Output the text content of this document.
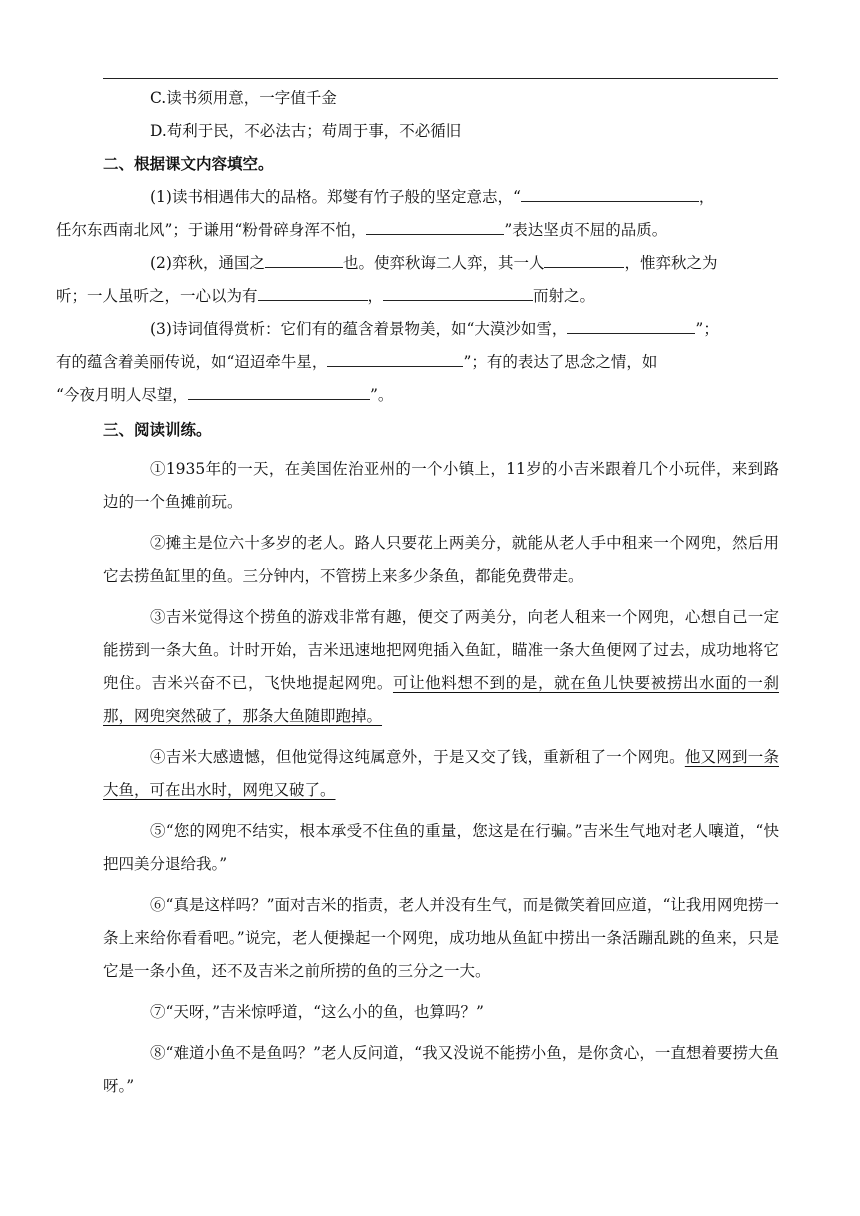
C.读书须用意，一字值千金
D.苟利于民，不必法古；苟周于事，不必循旧
二、根据课文内容填空。

(1)读书相遇伟大的品格。郑燮有竹子般的坚定意志，“	，
任尔东西南北风”；于谦用“粉骨碎身浑不怕，	”表达坚贞不屈的品质。

(2)弈秋，通国之	也。使弈秋诲二人弈，其一人	，惟弈秋之为
听；一人虽听之，一心以为有	，	而射之。

(3)诗词值得赏析：它们有的蕴含着景物美，如“大漠沙如雪，	”；
有的蕴含着美丽传说，如“迢迢牵牛星，	”；有的表达了思念之情，如
“今夜月明人尽望，	”。

三、阅读训练。

①1935年的一天，在美国佐治亚州的一个小镇上，11岁的小吉米跟着几个小玩伴，来到路边的一个鱼摊前玩。

②摊主是位六十多岁的老人。路人只要花上两美分，就能从老人手中租来一个网兜，然后用它去捞鱼缸里的鱼。三分钟内，不管捞上来多少条鱼，都能免费带走。

③吉米觉得这个捞鱼的游戏非常有趣，便交了两美分，向老人租来一个网兜，心想自己一定能捞到一条大鱼。计时开始，吉米迅速地把网兜插入鱼缸，瞄准一条大鱼便网了过去，成功地将它兜住。吉米兴奋不已，飞快地提起网兜。可让他料想不到的是，就在鱼儿快要被捞出水面的一刹那，网兜突然破了，那条大鱼随即跑掉。

④吉米大感遗憾，但他觉得这纯属意外，于是又交了钱，重新租了一个网兜。他又网到一条大鱼，可在出水时，网兜又破了。

⑤“您的网兜不结实，根本承受不住鱼的重量，您这是在行骗。”吉米生气地对老人嚷道，“快把四美分退给我。”

⑥“真是这样吗？”面对吉米的指责，老人并没有生气，而是微笑着回应道，“让我用网兜捞一条上来给你看看吧。”说完，老人便操起一个网兜，成功地从鱼缸中捞出一条活蹦乱跳的鱼来，只是它是一条小鱼，还不及吉米之前所捞的鱼的三分之一大。

⑦“天呀，”吉米惊呼道，“这么小的鱼，也算吗？”

⑧“难道小鱼不是鱼吗？”老人反问道，“我又没说不能捞小鱼，是你贪心，一直想着要捞大鱼呀。”
